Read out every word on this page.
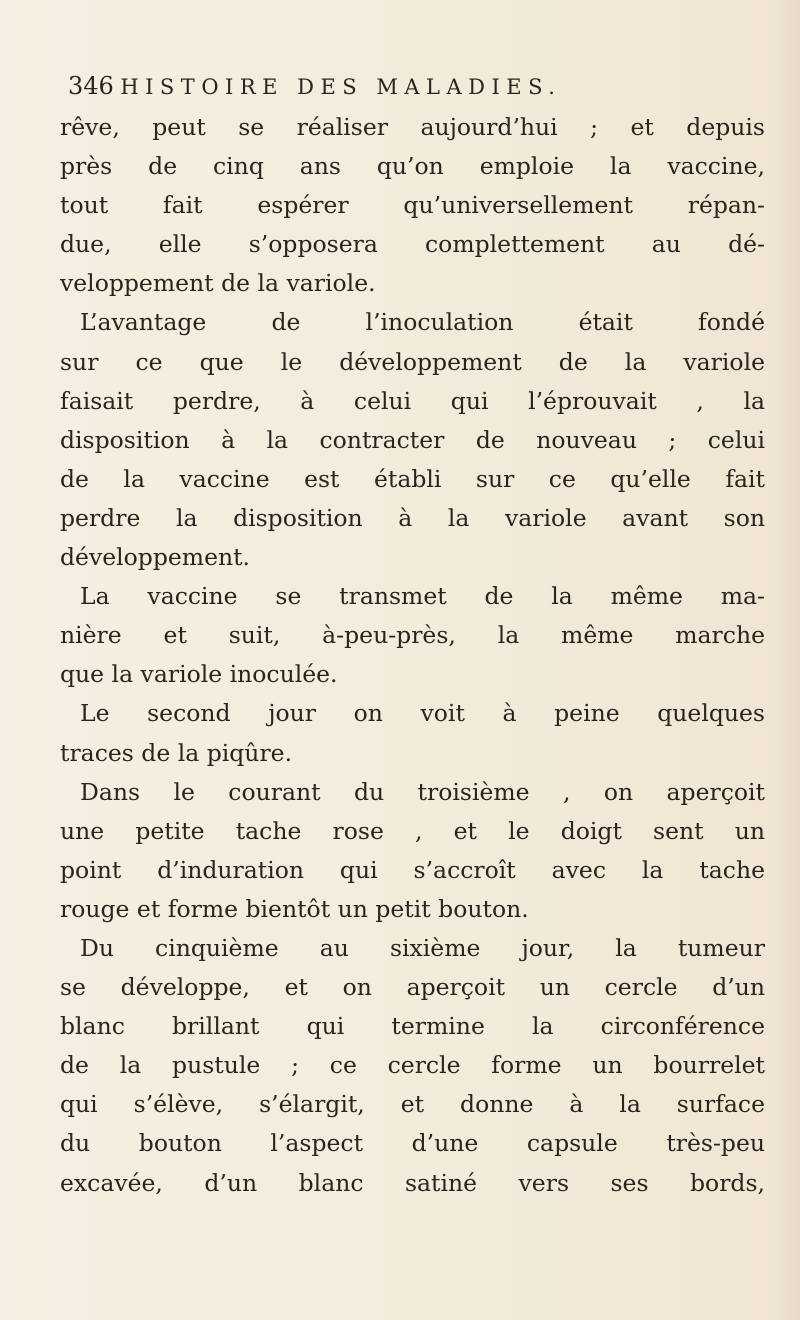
346 HISTOIRE DES MALADIES.
rêve, peut se réaliser aujourd’hui ; et depuis
près de cinq ans qu’on emploie la vaccine,
tout fait espérer qu’universellement répan-
due, elle s’opposera complettement au dé-
veloppement de la variole.
L’avantage de l’inoculation était fondé
sur ce que le développement de la variole
faisait perdre, à celui qui l’éprouvait , la
disposition à la contracter de nouveau ; celui
de la vaccine est établi sur ce qu’elle fait
perdre la disposition à la variole avant son
développement.
La vaccine se transmet de la même ma-
nière et suit, à-peu-près, la même marche
que la variole inoculée.
Le second jour on voit à peine quelques
traces de la piqûre.
Dans le courant du troisième , on aperçoit
une petite tache rose , et le doigt sent un
point d’induration qui s’accroît avec la tache
rouge et forme bientôt un petit bouton.
Du cinquième au sixième jour, la tumeur
se développe, et on aperçoit un cercle d’un
blanc brillant qui termine la circonférence
de la pustule ; ce cercle forme un bourrelet
qui s’élève, s’élargit, et donne à la surface
du bouton l’aspect d’une capsule très-peu
excavée, d’un blanc satiné vers ses bords,
